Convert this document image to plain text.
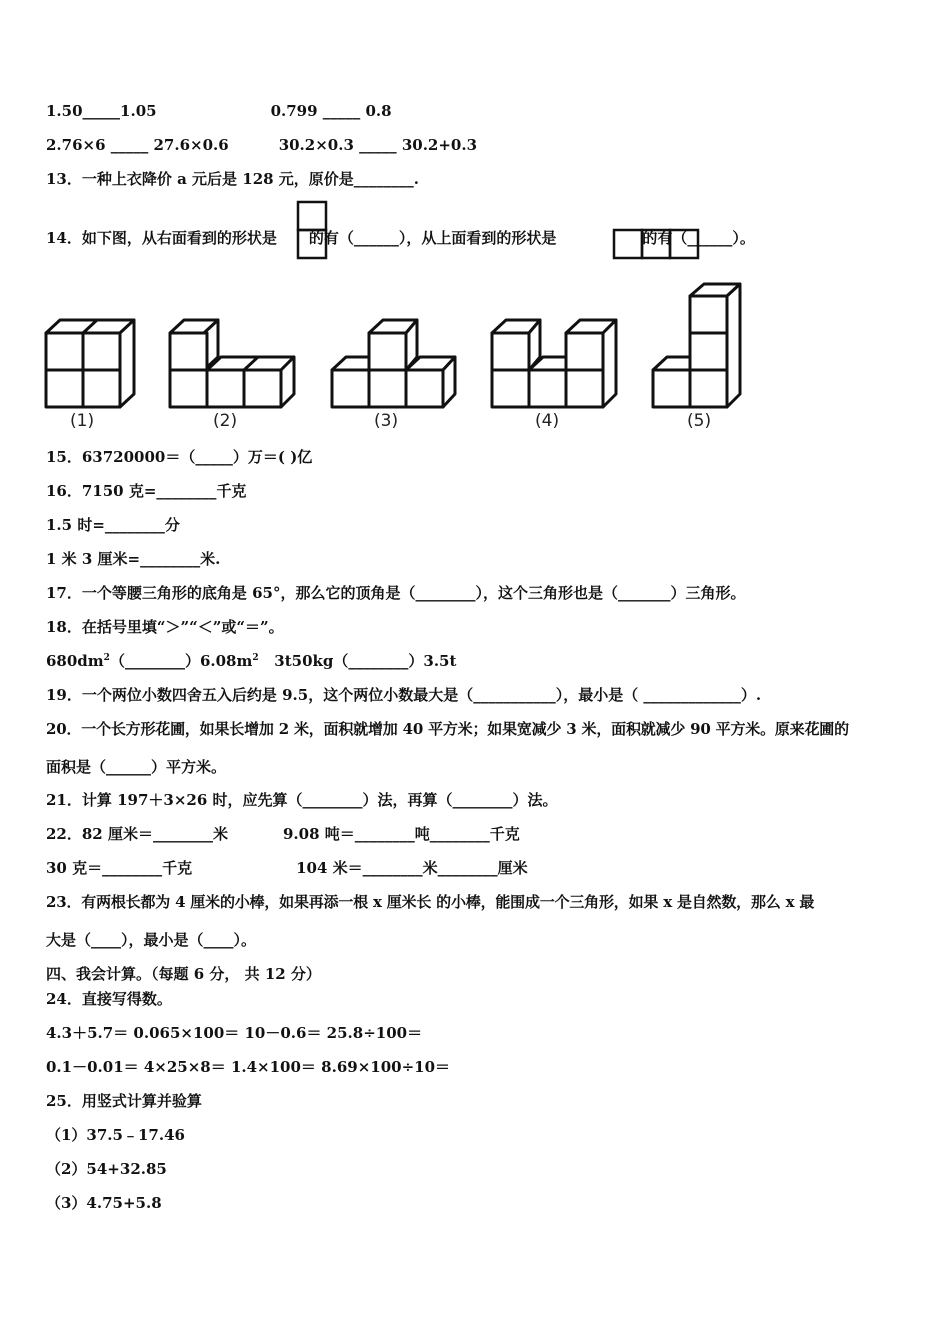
1.50_____1.05	0.799 _____ 0.8
2.76×6 _____ 27.6×0.6	30.2×0.3 _____ 30.2+0.3
13．一种上衣降价 a 元后是 128 元，原价是________.
14．如下图，从右面看到的形状是 的有（______），从上面看到的形状是	的有（______）。
(1)	(2)	(3)	(4)	(5)
15．63720000＝（_____）万＝( )亿
16．7150 克=________千克
1.5 时=________分
1 米 3 厘米=________米.
17．一个等腰三角形的底角是 65°，那么它的顶角是（________），这个三角形也是（_______）三角形。
18．在括号里填“＞”“＜”或“＝”。
$680dm^2(\_\_\_\_\_\_\_\_)6.08m^2$   3t50kg（________）3.5t
19．一个两位小数四舍五入后约是 9.5，这个两位小数最大是（___________），最小是（ _____________）.
20．一个长方形花圃，如果长增加 2 米，面积就增加 40 平方米；如果宽减少 3 米，面积就减少 90 平方米。原来花圃的
面积是（______）平方米。
21．计算 197＋3×26 时，应先算（________）法，再算（________）法。
22．82 厘米＝________米	9.08 吨＝________吨________千克
30 克＝________千克	104 米＝________米________厘米
23．有两根长都为 4 厘米的小棒，如果再添一根 x 厘米长 的小棒，能围成一个三角形，如果 x 是自然数，那么 x 最
大是（____），最小是（____）。
四、我会计算。（每题 6 分， 共 12 分）
24．直接写得数。
4.3＋5.7＝ 0.065×100＝ 10－0.6＝ 25.8÷100＝
0.1－0.01＝ 4×25×8＝ 1.4×100＝ 8.69×100÷10＝
25．用竖式计算并验算
（1）37.5﹣17.46
（2）54+32.85
（3）4.75+5.8
